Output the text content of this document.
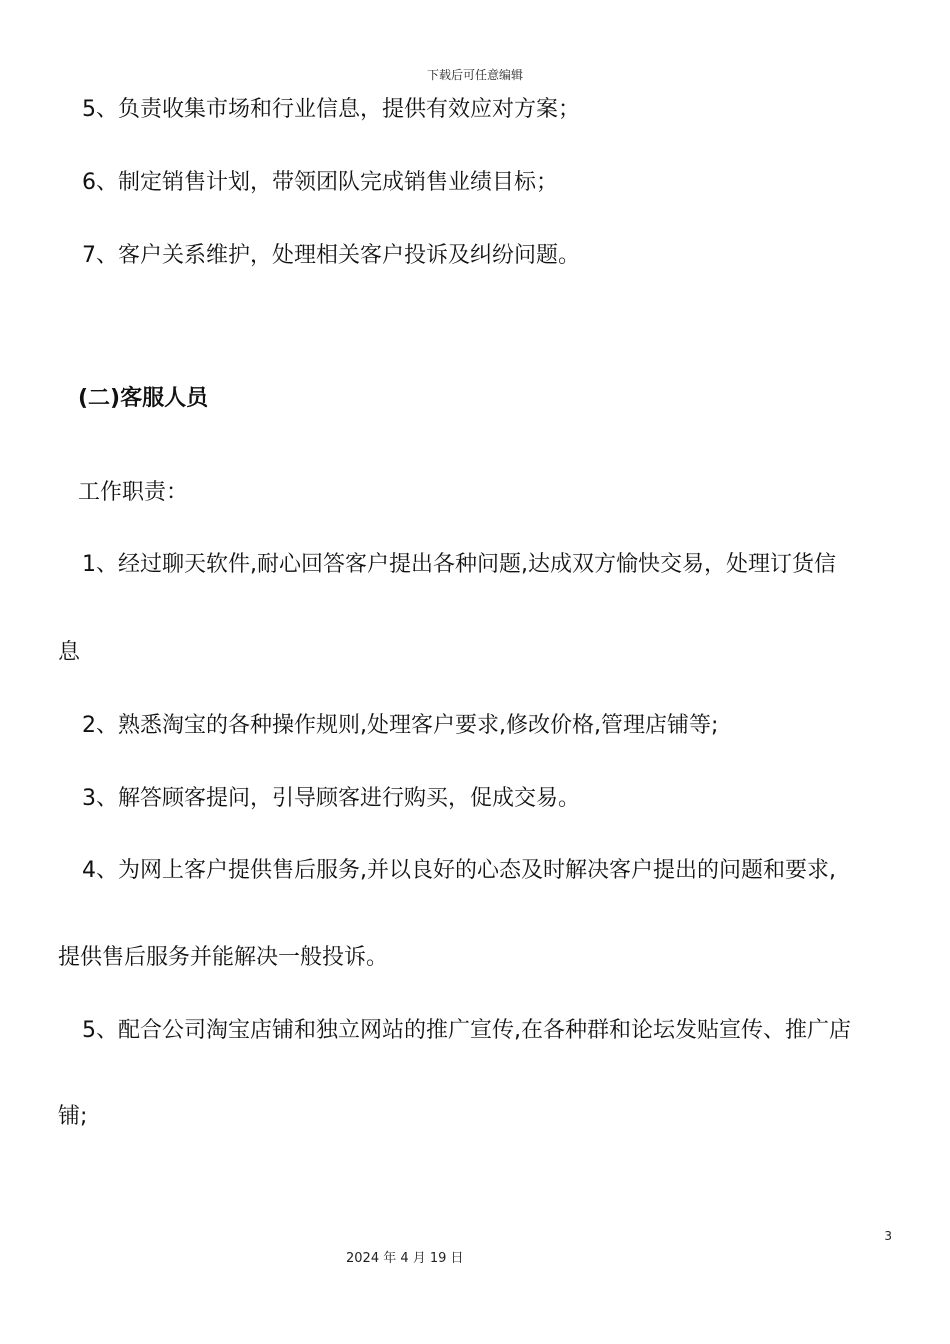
下载后可任意编辑
5、负责收集市场和行业信息，提供有效应对方案；
6、制定销售计划，带领团队完成销售业绩目标；
7、客户关系维护，处理相关客户投诉及纠纷问题。
(二)客服人员
工作职责：
1、经过聊天软件,耐心回答客户提出各种问题,达成双方愉快交易，处理订货信
息
2、熟悉淘宝的各种操作规则,处理客户要求,修改价格,管理店铺等;
3、解答顾客提问，引导顾客进行购买，促成交易。
4、为网上客户提供售后服务,并以良好的心态及时解决客户提出的问题和要求,
提供售后服务并能解决一般投诉。
5、配合公司淘宝店铺和独立网站的推广宣传,在各种群和论坛发贴宣传、推广店
铺;
3
2024 年 4 月 19 日
